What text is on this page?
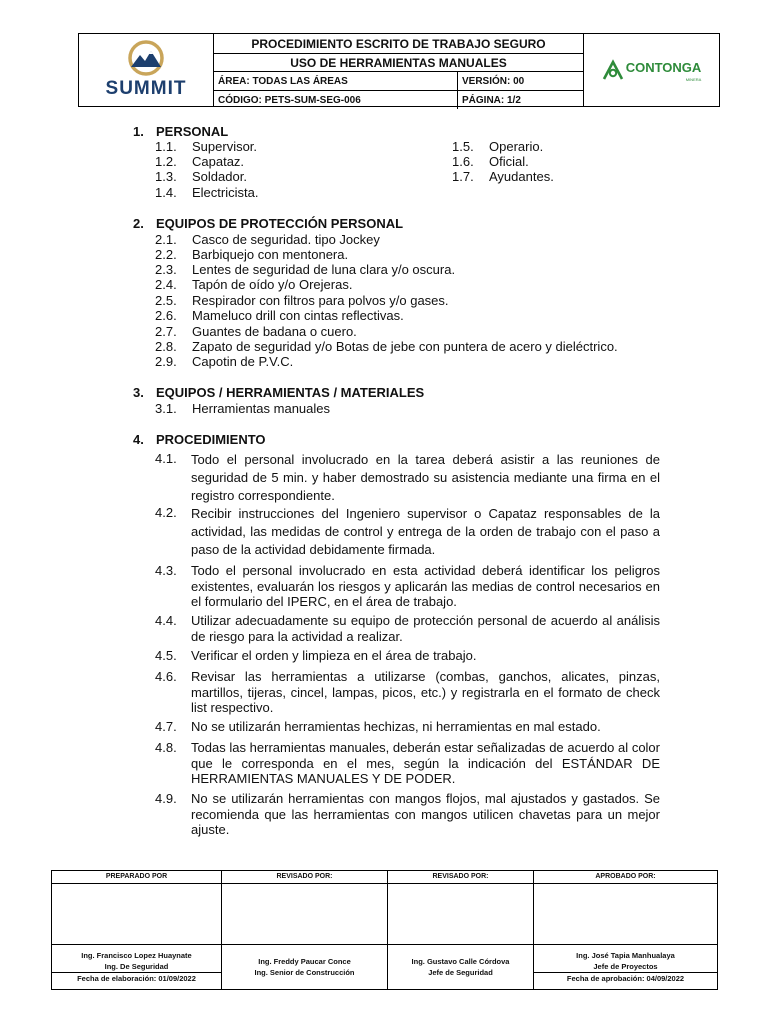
SUMMIT
PROCEDIMIENTO ESCRITO DE TRABAJO SEGURO
USO DE HERRAMIENTAS MANUALES
ÁREA: TODAS LAS ÁREAS	VERSIÓN: 00
CÓDIGO: PETS-SUM-SEG-006	PÁGINA: 1/2
CONTONGA
MINERA
1. PERSONAL
1.1. Supervisor.
1.2. Capataz.
1.3. Soldador.
1.4. Electricista.
1.5. Operario.
1.6. Oficial.
1.7. Ayudantes.
2. EQUIPOS DE PROTECCIÓN PERSONAL
2.1. Casco de seguridad. tipo Jockey
2.2. Barbiquejo con mentonera.
2.3. Lentes de seguridad de luna clara y/o oscura.
2.4. Tapón de oído y/o Orejeras.
2.5. Respirador con filtros para polvos y/o gases.
2.6. Mameluco drill con cintas reflectivas.
2.7. Guantes de badana o cuero.
2.8. Zapato de seguridad y/o Botas de jebe con puntera de acero y dieléctrico.
2.9. Capotin de P.V.C.
3. EQUIPOS / HERRAMIENTAS / MATERIALES
3.1. Herramientas manuales
4. PROCEDIMIENTO
4.1. Todo el personal involucrado en la tarea deberá asistir a las reuniones de seguridad de 5 min. y haber demostrado su asistencia mediante una firma en el registro correspondiente.
4.2. Recibir instrucciones del Ingeniero supervisor o Capataz responsables de la actividad, las medidas de control y entrega de la orden de trabajo con el paso a paso de la actividad debidamente firmada.
4.3. Todo el personal involucrado en esta actividad deberá identificar los peligros existentes, evaluarán los riesgos y aplicarán las medias de control necesarios en el formulario del IPERC, en el área de trabajo.
4.4. Utilizar adecuadamente su equipo de protección personal de acuerdo al análisis de riesgo para la actividad a realizar.
4.5. Verificar el orden y limpieza en el área de trabajo.
4.6. Revisar las herramientas a utilizarse (combas, ganchos, alicates, pinzas, martillos, tijeras, cincel, lampas, picos, etc.) y registrarla en el formato de check list respectivo.
4.7. No se utilizarán herramientas hechizas, ni herramientas en mal estado.
4.8. Todas las herramientas manuales, deberán estar señalizadas de acuerdo al color que le corresponda en el mes, según la indicación del ESTÁNDAR DE HERRAMIENTAS MANUALES Y DE PODER.
4.9. No se utilizarán herramientas con mangos flojos, mal ajustados y gastados. Se recomienda que las herramientas con mangos utilicen chavetas para un mejor ajuste.
PREPARADO POR
Ing. Francisco Lopez Huaynate
Ing. De Seguridad
Fecha de elaboración: 01/09/2022
REVISADO POR:
Ing. Freddy Paucar Conce
Ing. Senior de Construcción
REVISADO POR:
Ing. Gustavo Calle Córdova
Jefe de Seguridad
APROBADO POR:
Ing. José Tapia Manhualaya
Jefe de Proyectos
Fecha de aprobación: 04/09/2022
